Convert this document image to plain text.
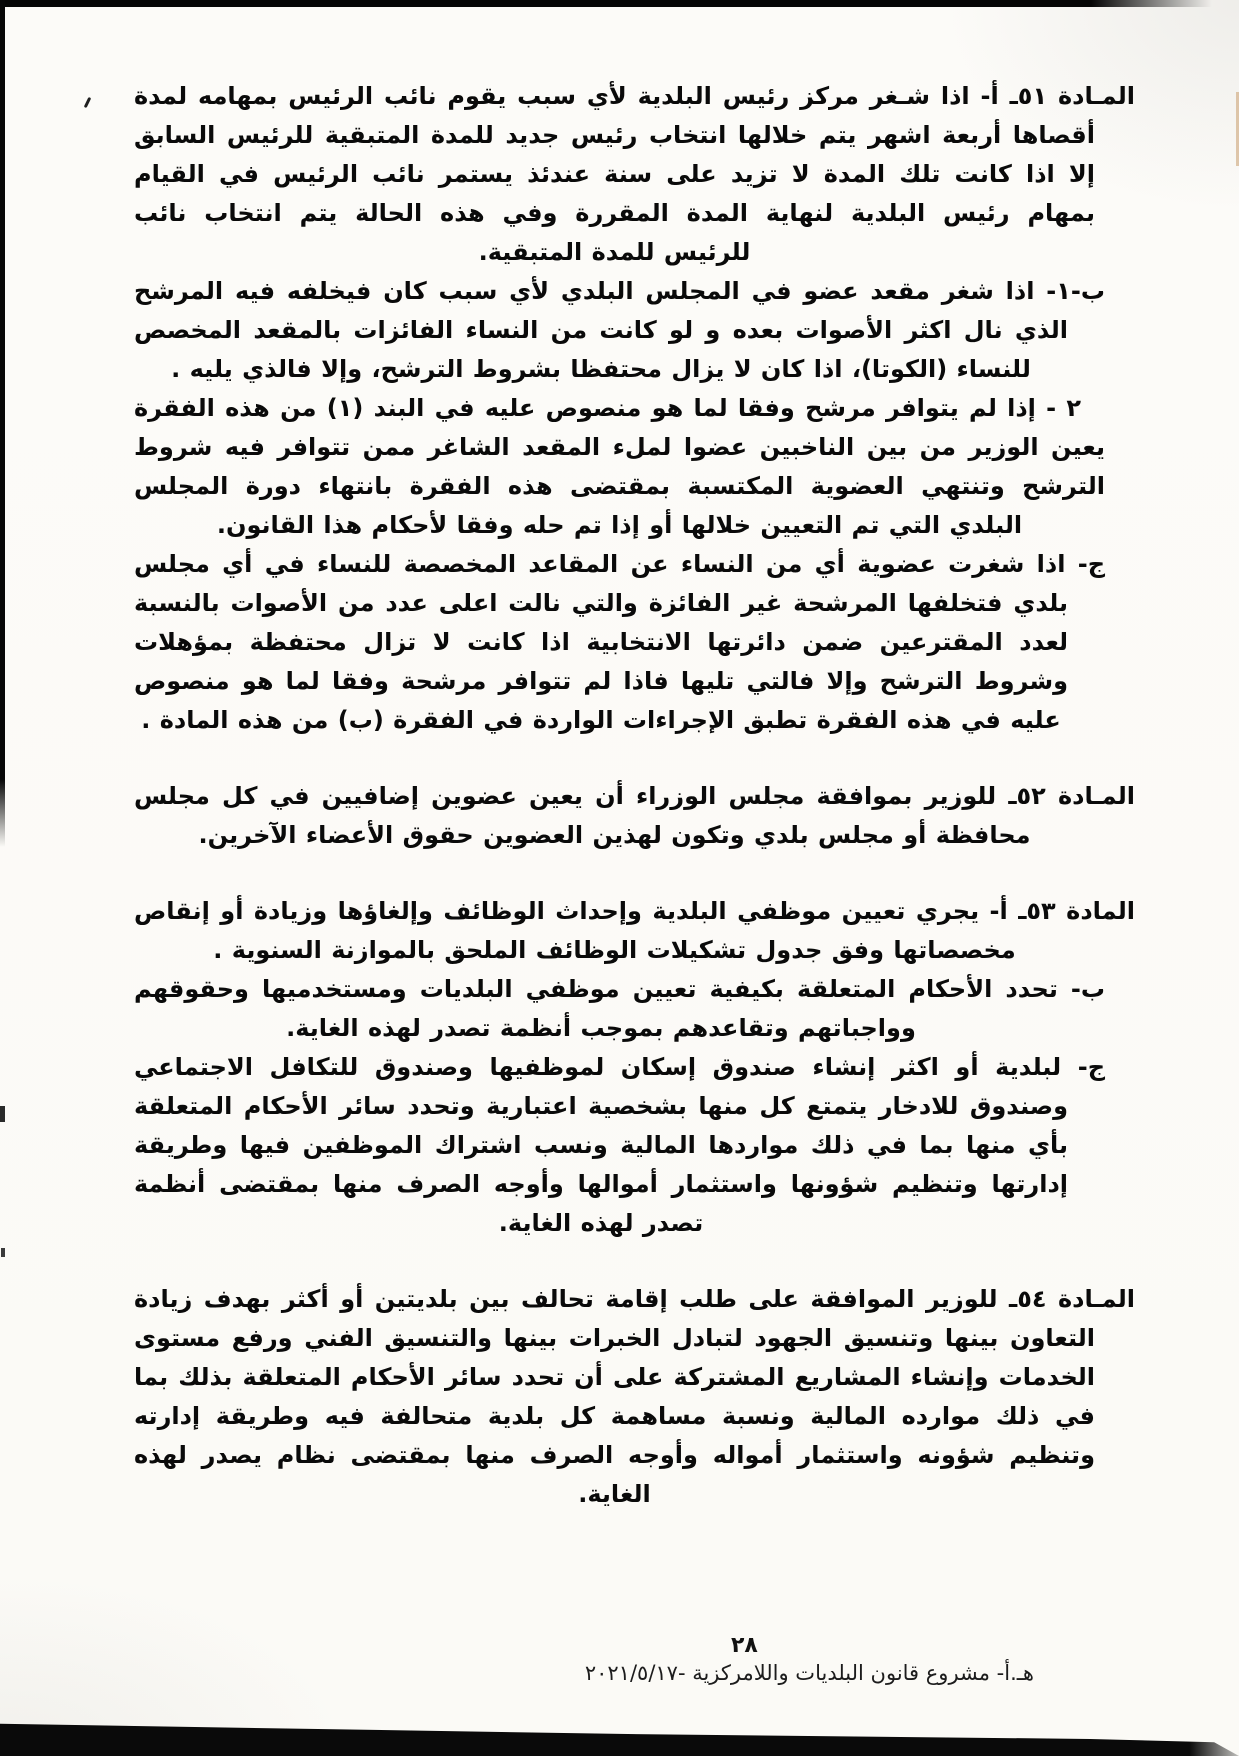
المـادة ٥١ـ أ- اذا شـغر مركز رئيس البلدية لأي سبب يقوم نائب الرئيس بمهامه لمدة أقصاها أربعة اشهر يتم خلالها انتخاب رئيس جديد للمدة المتبقية للرئيس السابق إلا اذا كانت تلك المدة لا تزيد على سنة عندئذ يستمر نائب الرئيس في القيام بمهام رئيس البلدية لنهاية المدة المقررة وفي هذه الحالة يتم انتخاب نائب للرئيس للمدة المتبقية.

ب-١- اذا شغر مقعد عضو في المجلس البلدي لأي سبب كان فيخلفه فيه المرشح الذي نال اكثر الأصوات بعده و لو كانت من النساء الفائزات بالمقعد المخصص للنساء (الكوتا)، اذا كان لا يزال محتفظا بشروط الترشح، وإلا فالذي يليه .

٢ - إذا لم يتوافر مرشح وفقا لما هو منصوص عليه في البند (١) من هذه الفقرة يعين الوزير من بين الناخبين عضوا لملء المقعد الشاغر ممن تتوافر فيه شروط الترشح وتنتهي العضوية المكتسبة بمقتضى هذه الفقرة بانتهاء دورة المجلس البلدي التي تم التعيين خلالها أو إذا تم حله وفقا لأحكام هذا القانون.

ج- اذا شغرت عضوية أي من النساء عن المقاعد المخصصة للنساء في أي مجلس بلدي فتخلفها المرشحة غير الفائزة والتي نالت اعلى عدد من الأصوات بالنسبة لعدد المقترعين ضمن دائرتها الانتخابية اذا كانت لا تزال محتفظة بمؤهلات وشروط الترشح وإلا فالتي تليها فاذا لم تتوافر مرشحة وفقا لما هو منصوص عليه في هذه الفقرة تطبق الإجراءات الواردة في الفقرة (ب) من هذه المادة .

المـادة ٥٢ـ للوزير بموافقة مجلس الوزراء أن يعين عضوين إضافيين في كل مجلس محافظة أو مجلس بلدي وتكون لهذين العضوين حقوق الأعضاء الآخرين.

المادة ٥٣ـ أ- يجري تعيين موظفي البلدية وإحداث الوظائف وإلغاؤها وزيادة أو إنقاص مخصصاتها وفق جدول تشكيلات الوظائف الملحق بالموازنة السنوية .

ب- تحدد الأحكام المتعلقة بكيفية تعيين موظفي البلديات ومستخدميها وحقوقهم وواجباتهم وتقاعدهم بموجب أنظمة تصدر لهذه الغاية.

ج- لبلدية أو اكثر إنشاء صندوق إسكان لموظفيها وصندوق للتكافل الاجتماعي وصندوق للادخار يتمتع كل منها بشخصية اعتبارية وتحدد سائر الأحكام المتعلقة بأي منها بما في ذلك مواردها المالية ونسب اشتراك الموظفين فيها وطريقة إدارتها وتنظيم شؤونها واستثمار أموالها وأوجه الصرف منها بمقتضى أنظمة تصدر لهذه الغاية.

المـادة ٥٤ـ للوزير الموافقة على طلب إقامة تحالف بين بلديتين أو أكثر بهدف زيادة التعاون بينها وتنسيق الجهود لتبادل الخبرات بينها والتنسيق الفني ورفع مستوى الخدمات وإنشاء المشاريع المشتركة على أن تحدد سائر الأحكام المتعلقة بذلك بما في ذلك موارده المالية ونسبة مساهمة كل بلدية متحالفة فيه وطريقة إدارته وتنظيم شؤونه واستثمار أمواله وأوجه الصرف منها بمقتضى نظام يصدر لهذه الغاية.

٢٨
هـ.أ- مشروع قانون البلديات واللامركزية -٢٠٢١/٥/١٧
